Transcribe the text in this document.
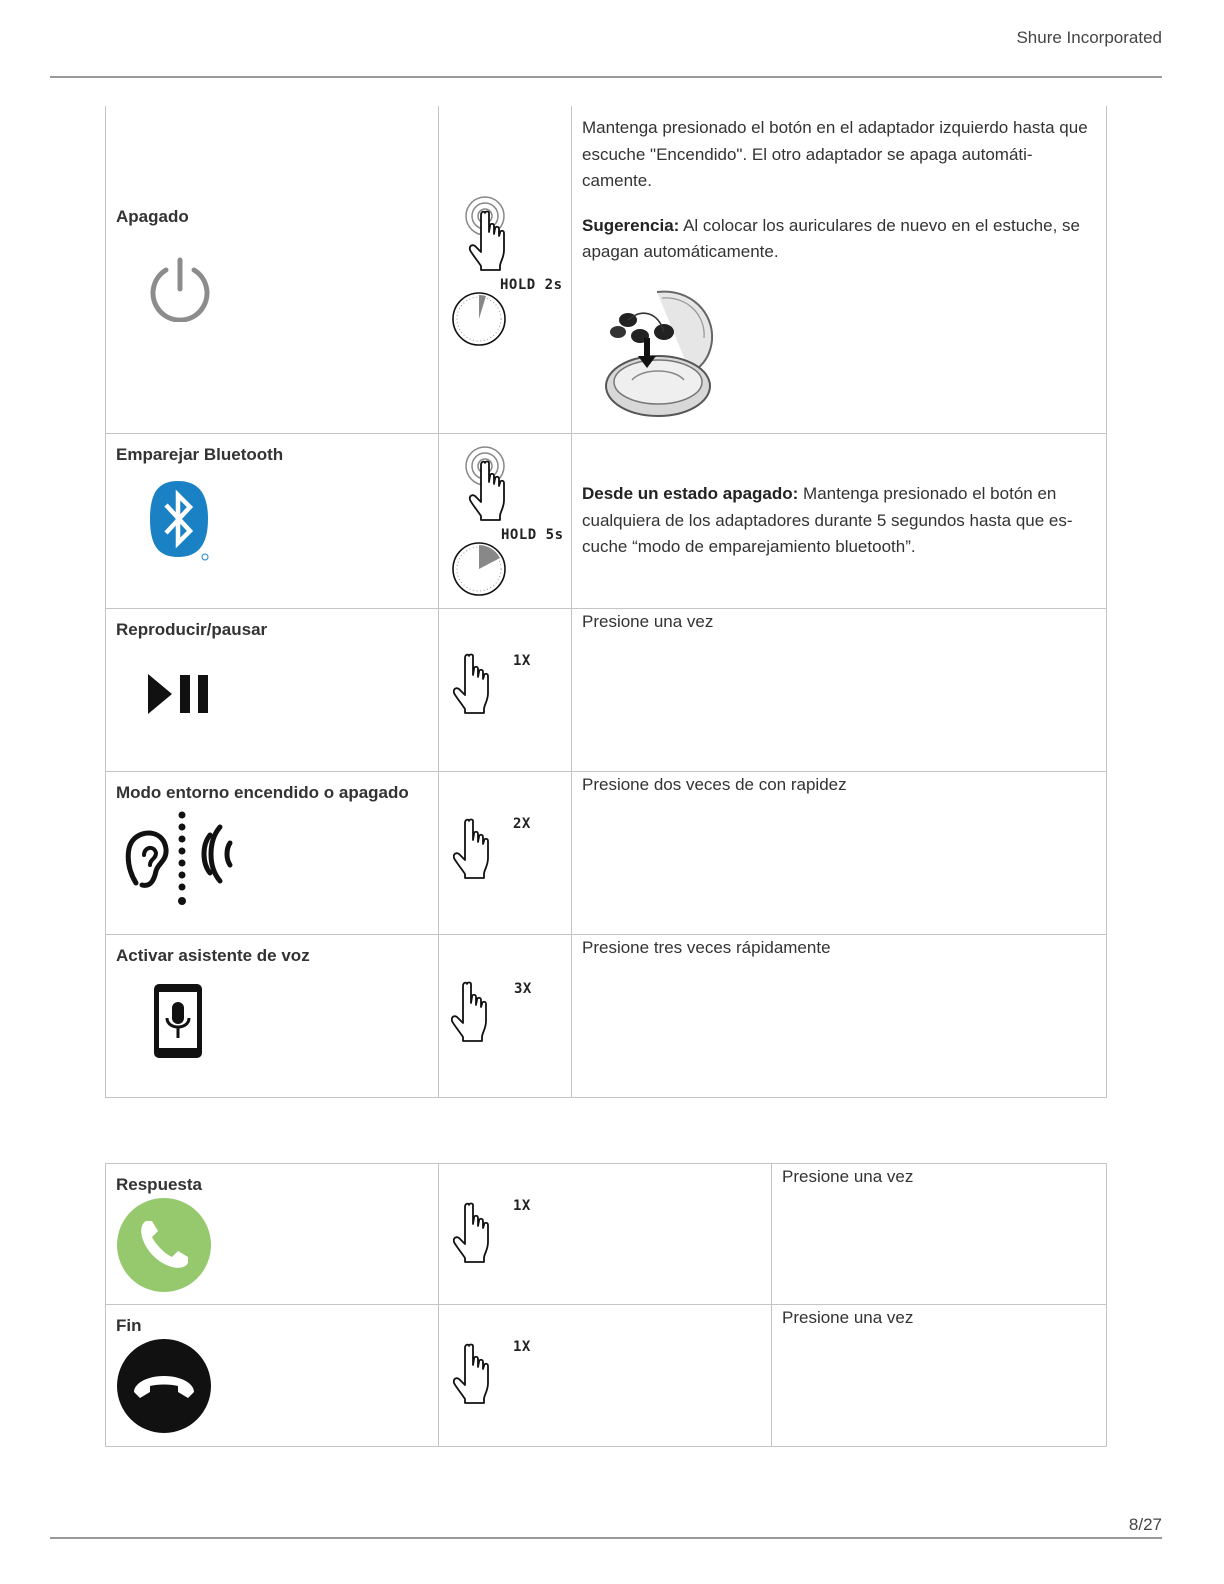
Shure Incorporated
Apagado	HOLD 2s	Mantenga presionado el botón en el adaptador izquierdo hasta que escuche "Encendido". El otro adaptador se apaga automáti-camente.

Sugerencia: Al colocar los auriculares de nuevo en el estuche, se apagan automáticamente.

Emparejar Bluetooth	HOLD 5s	Desde un estado apagado: Mantenga presionado el botón en cualquiera de los adaptadores durante 5 segundos hasta que es-cuche “modo de emparejamiento bluetooth”.

Reproducir/pausar	1X	Presione una vez

Modo entorno encendido o apagado	2X	Presione dos veces de con rapidez

Activar asistente de voz	3X	Presione tres veces rápidamente

Respuesta	1X	Presione una vez

Fin	1X	Presione una vez

8/27
